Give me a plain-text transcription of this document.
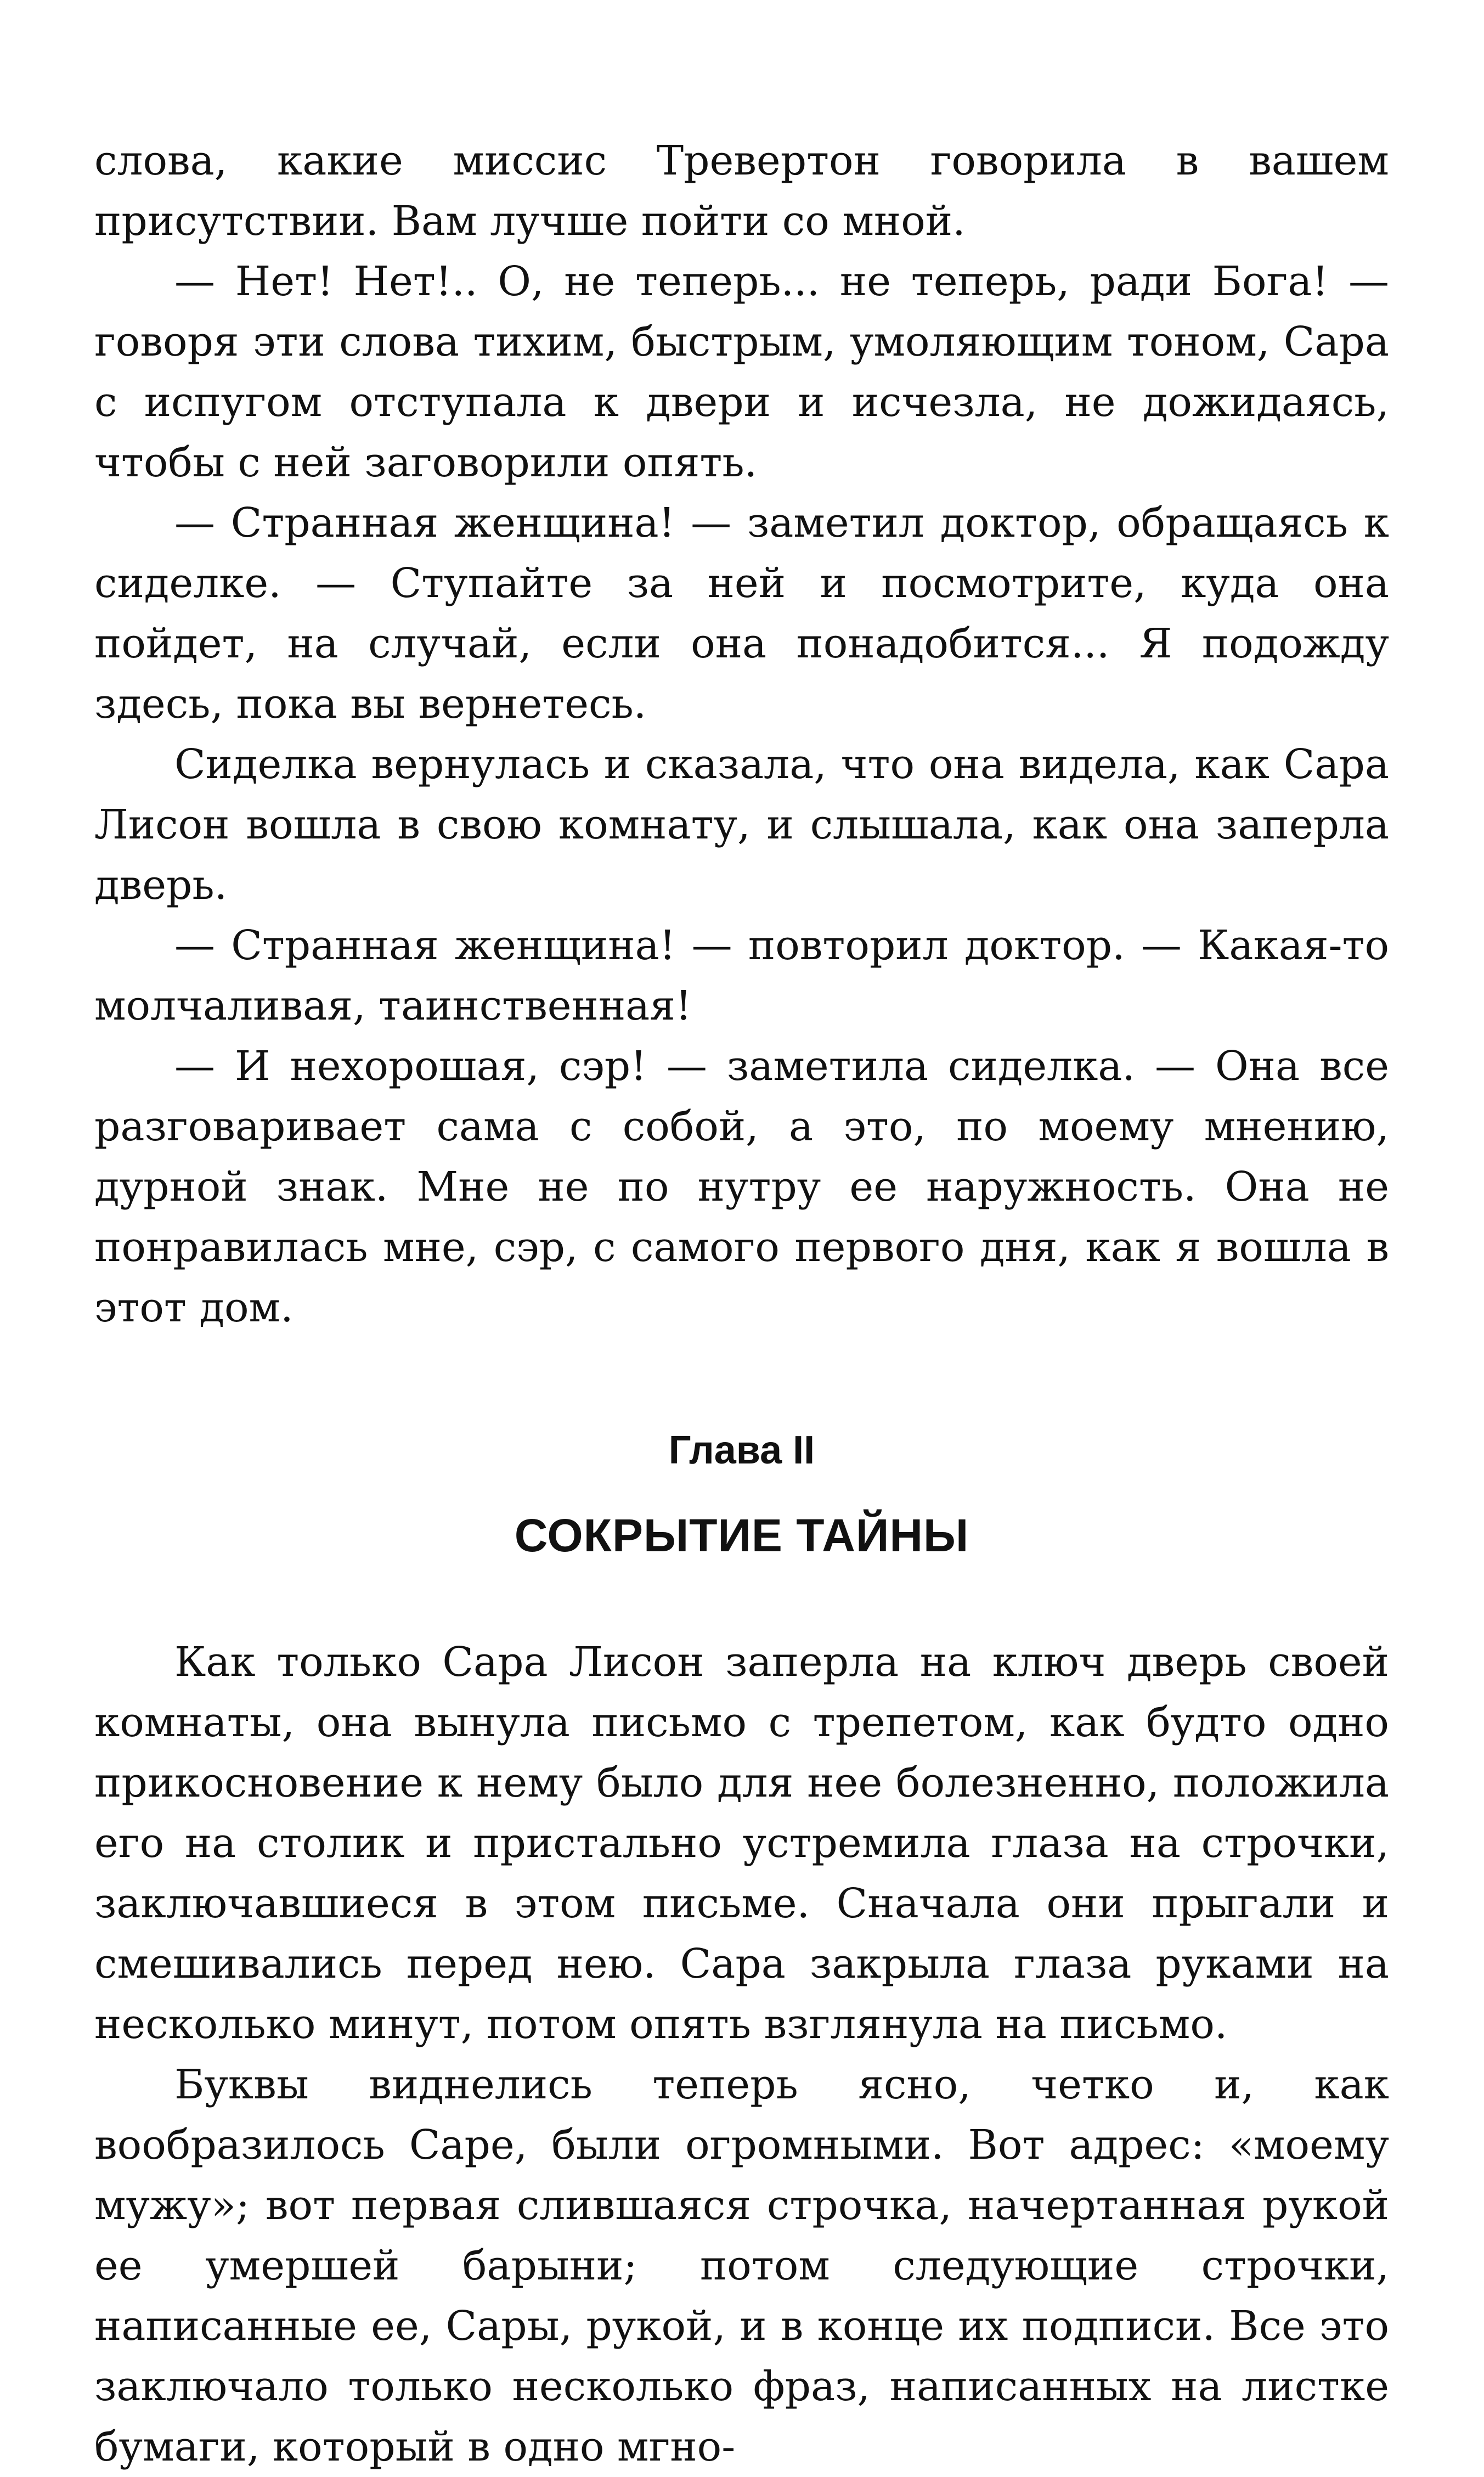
слова, какие миссис Тревертон говорила в вашем присутствии. Вам лучше пойти со мной.

— Нет! Нет!.. О, не теперь... не теперь, ради Бога! — говоря эти слова тихим, быстрым, умоляющим тоном, Сара с испугом отступала к двери и исчезла, не дожидаясь, чтобы с ней заговорили опять.

— Странная женщина! — заметил доктор, обращаясь к сиделке. — Ступайте за ней и посмотрите, куда она пойдет, на случай, если она понадобится... Я подожду здесь, пока вы вернетесь.

Сиделка вернулась и сказала, что она видела, как Сара Лисон вошла в свою комнату, и слышала, как она заперла дверь.

— Странная женщина! — повторил доктор. — Какая-то молчаливая, таинственная!

— И нехорошая, сэр! — заметила сиделка. — Она все разговаривает сама с собой, а это, по моему мнению, дурной знак. Мне не по нутру ее наружность. Она не понравилась мне, сэр, с самого первого дня, как я вошла в этот дом.

Глава II
СОКРЫТИЕ ТАЙНЫ

Как только Сара Лисон заперла на ключ дверь своей комнаты, она вынула письмо с трепетом, как будто одно прикосновение к нему было для нее болезненно, положила его на столик и пристально устремила глаза на строчки, заключавшиеся в этом письме. Сначала они прыгали и смешивались перед нею. Сара закрыла глаза руками на несколько минут, потом опять взглянула на письмо.

Буквы виднелись теперь ясно, четко и, как вообразилось Саре, были огромными. Вот адрес: «моему мужу»; вот первая слившаяся строчка, начертанная рукой ее умершей барыни; потом следующие строчки, написанные ее, Сары, рукой, и в конце их подписи. Все это заключало только несколько фраз, написанных на листке бумаги, который в одно мгно-
